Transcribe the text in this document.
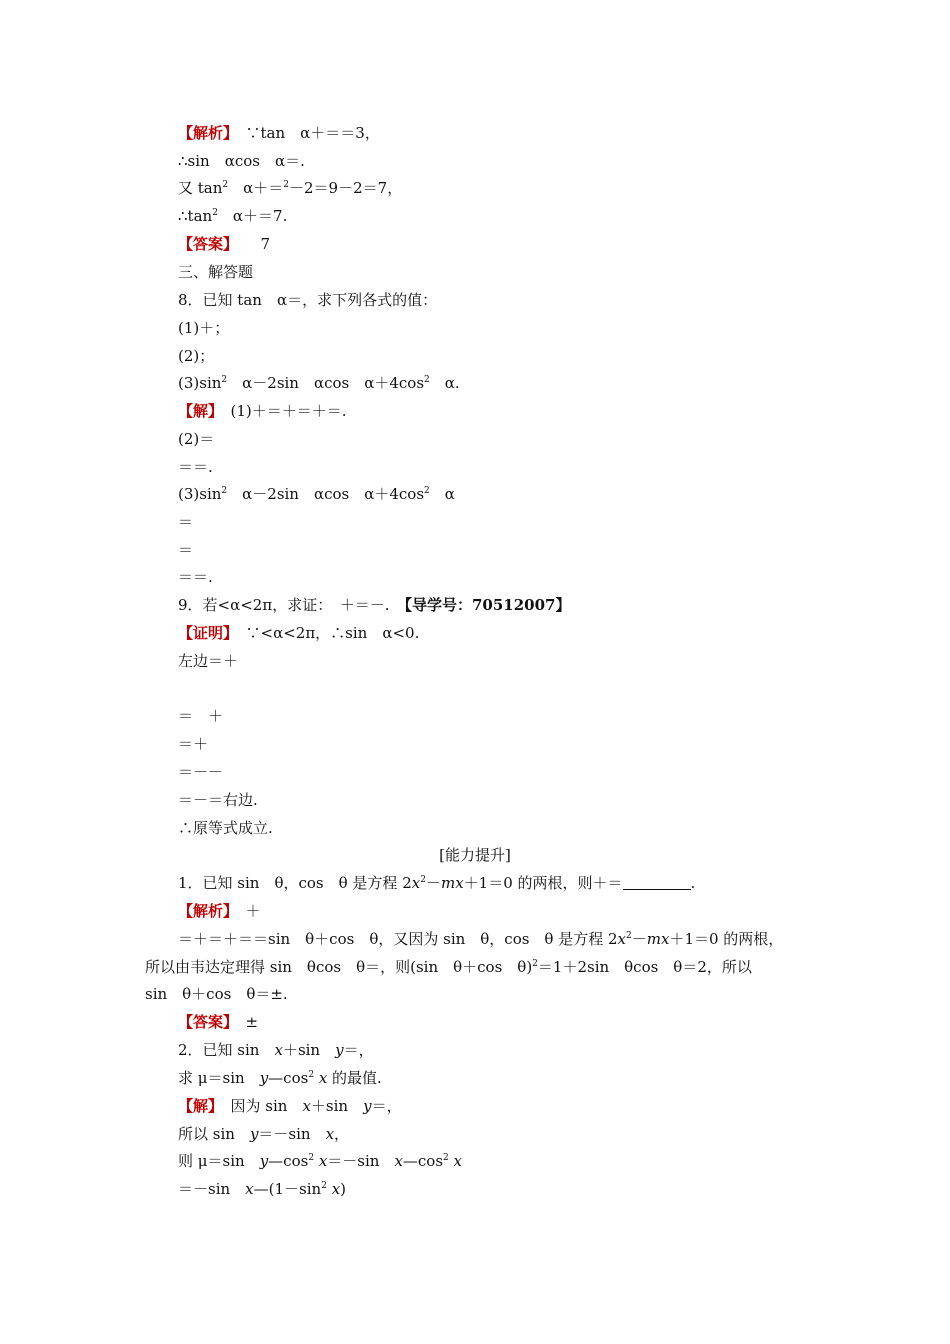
【解析】　∵tan　α＋＝＝3，
∴sin　αcos　α＝.
又 $\tan^2$　α＋＝$^2$－2＝9－2＝7，
$\therefore\tan^2$　α＋＝7.
【答案】　　7
三、解答题
8．已知 tan　α＝，求下列各式的值：
(1)＋；
(2)；
$(3)\sin^2$　α－2sin　αcos　$\alpha+4\cos^2$　α.
【解】　(1)＋＝＋＝＋＝.
(2)＝
＝＝.
$(3)\sin^2$　α－2sin　αcos　$\alpha+4\cos^2$　α
＝
＝
＝＝.
9．若<α<2π，求证：　＋＝－.　【导学号：70512007】
【证明】　∵<α<2π，∴sin　α<0.
左边＝＋
＝　＋
＝＋
＝－－
＝－＝右边.
∴原等式成立.
[能力提升]
1．已知 sin　θ，cos　θ 是方程 $2x^2-mx+1=0$ 的两根，则＋＝	.
【解析】　＋
＝＋＝＋＝＝sin　θ＋cos　θ，又因为 sin　θ，cos　θ 是方程 $2x^2-mx+1=0$ 的两根，
所以由韦达定理得 sin　θcos　θ＝，则(sin　θ＋cos　θ)$^2$＝1＋2sin　θcos　θ＝2，所以
sin　θ＋cos　θ＝±.
【答案】　±
2．已知 sin　x＋sin　y＝，
求 μ＝sin　$y—\cos^2$ x 的最值.
【解】　因为 sin　x＋sin　y＝，
所以 sin　y＝－sin　x，
则 μ＝sin　$y—\cos^2$ x＝－sin　$x—\cos^2$ x
＝－sin　$x—(1-\sin^2$ x)
